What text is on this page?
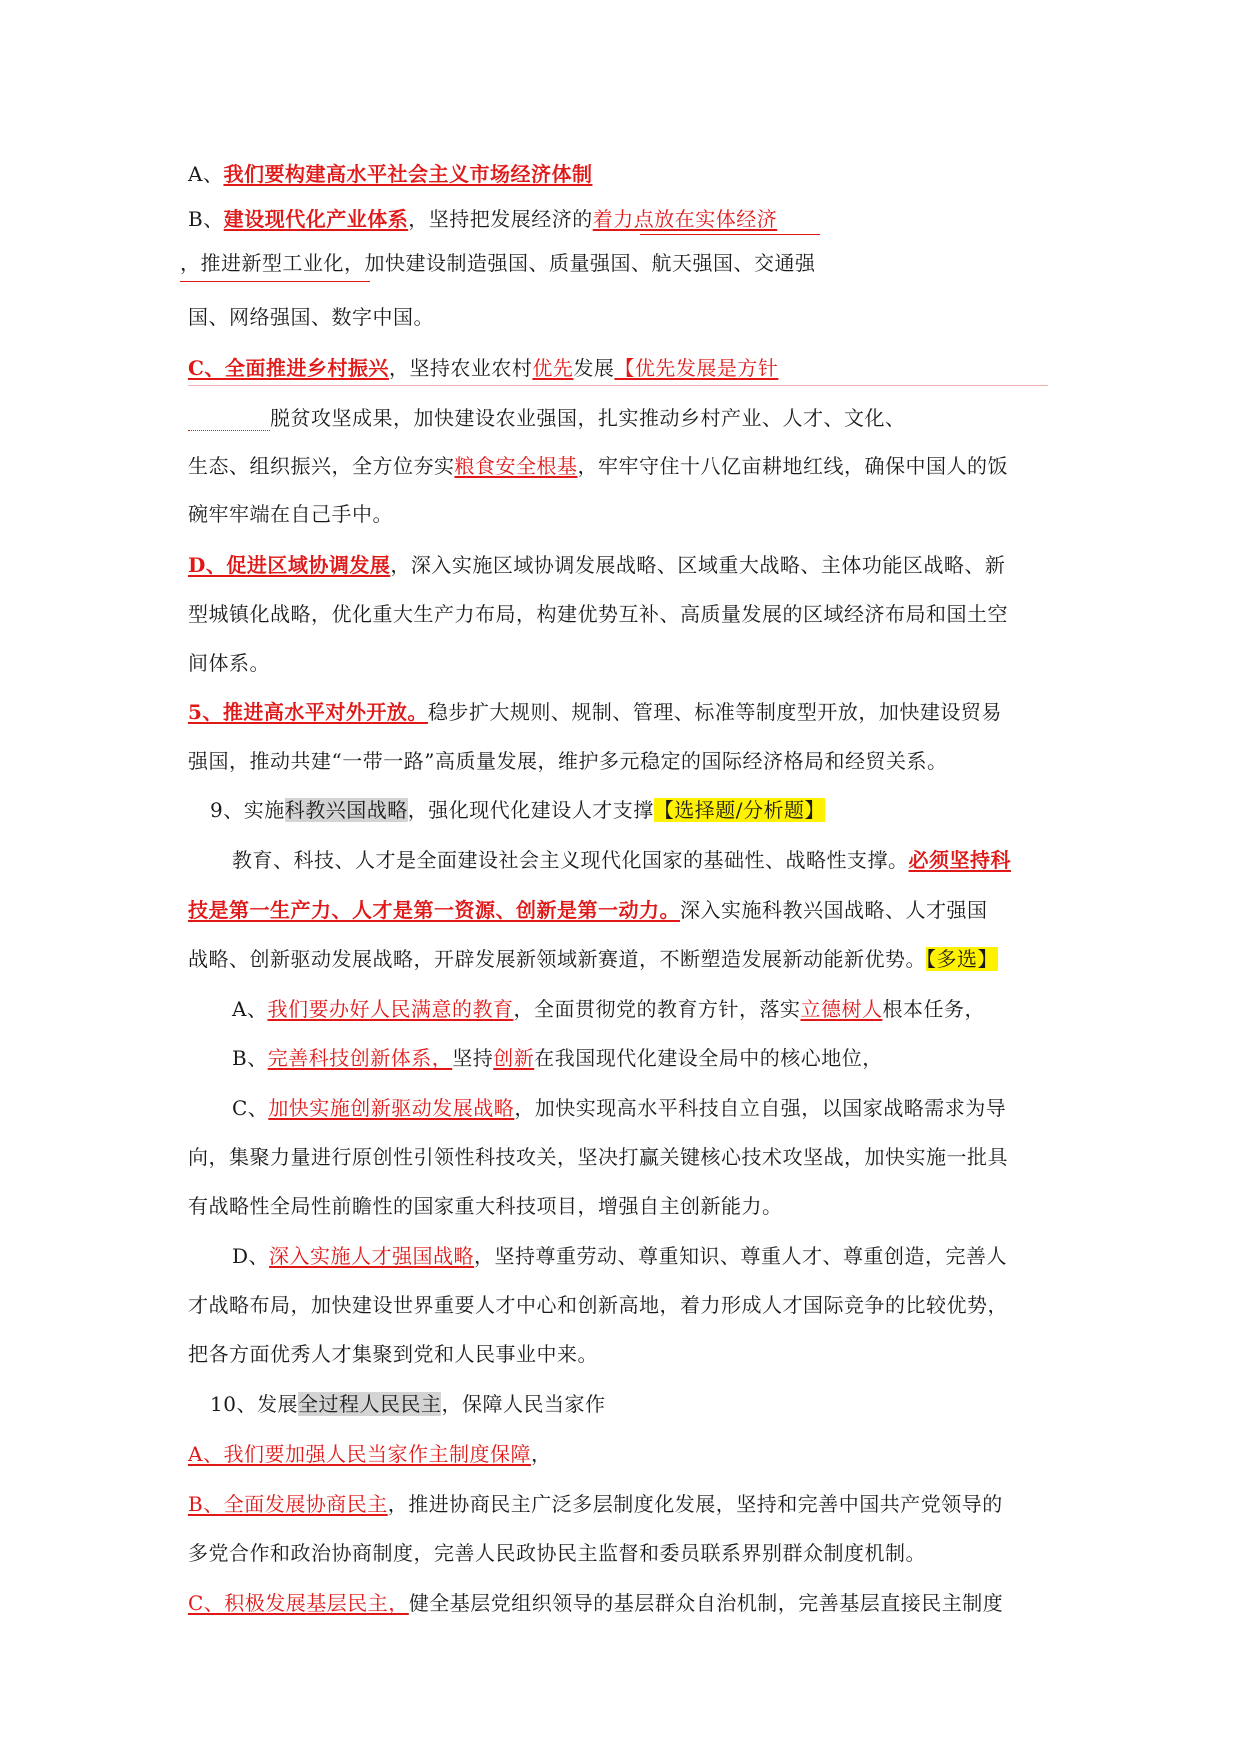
A、我们要构建高水平社会主义市场经济体制
B、建设现代化产业体系，坚持把发展经济的着力点放在实体经济
，推进新型工业化，加快建设制造强国、质量强国、航天强国、交通强
国、网络强国、数字中国。
C、全面推进乡村振兴，坚持农业农村优先发展【优先发展是方针
巩固拓展脱贫攻坚成果，加快建设农业强国，扎实推动乡村产业、人才、文化、
生态、组织振兴，全方位夯实粮食安全根基，牢牢守住十八亿亩耕地红线，确保中国人的饭
碗牢牢端在自己手中。
D、促进区域协调发展，深入实施区域协调发展战略、区域重大战略、主体功能区战略、新
型城镇化战略，优化重大生产力布局，构建优势互补、高质量发展的区域经济布局和国土空
间体系。
5、推进高水平对外开放。稳步扩大规则、规制、管理、标准等制度型开放，加快建设贸易
强国，推动共建“一带一路”高质量发展，维护多元稳定的国际经济格局和经贸关系。
9、实施科教兴国战略，强化现代化建设人才支撑【选择题/分析题】
教育、科技、人才是全面建设社会主义现代化国家的基础性、战略性支撑。必须坚持科
技是第一生产力、人才是第一资源、创新是第一动力。深入实施科教兴国战略、人才强国
战略、创新驱动发展战略，开辟发展新领域新赛道，不断塑造发展新动能新优势。【多选】
A、我们要办好人民满意的教育，全面贯彻党的教育方针，落实立德树人根本任务，
B、完善科技创新体系，坚持创新在我国现代化建设全局中的核心地位，
C、加快实施创新驱动发展战略，加快实现高水平科技自立自强，以国家战略需求为导
向，集聚力量进行原创性引领性科技攻关，坚决打赢关键核心技术攻坚战，加快实施一批具
有战略性全局性前瞻性的国家重大科技项目，增强自主创新能力。
D、深入实施人才强国战略，坚持尊重劳动、尊重知识、尊重人才、尊重创造，完善人
才战略布局，加快建设世界重要人才中心和创新高地，着力形成人才国际竞争的比较优势，
把各方面优秀人才集聚到党和人民事业中来。
10、发展全过程人民民主，保障人民当家作
A、我们要加强人民当家作主制度保障，
B、全面发展协商民主，推进协商民主广泛多层制度化发展，坚持和完善中国共产党领导的
多党合作和政治协商制度，完善人民政协民主监督和委员联系界别群众制度机制。
C、积极发展基层民主，健全基层党组织领导的基层群众自治机制，完善基层直接民主制度
